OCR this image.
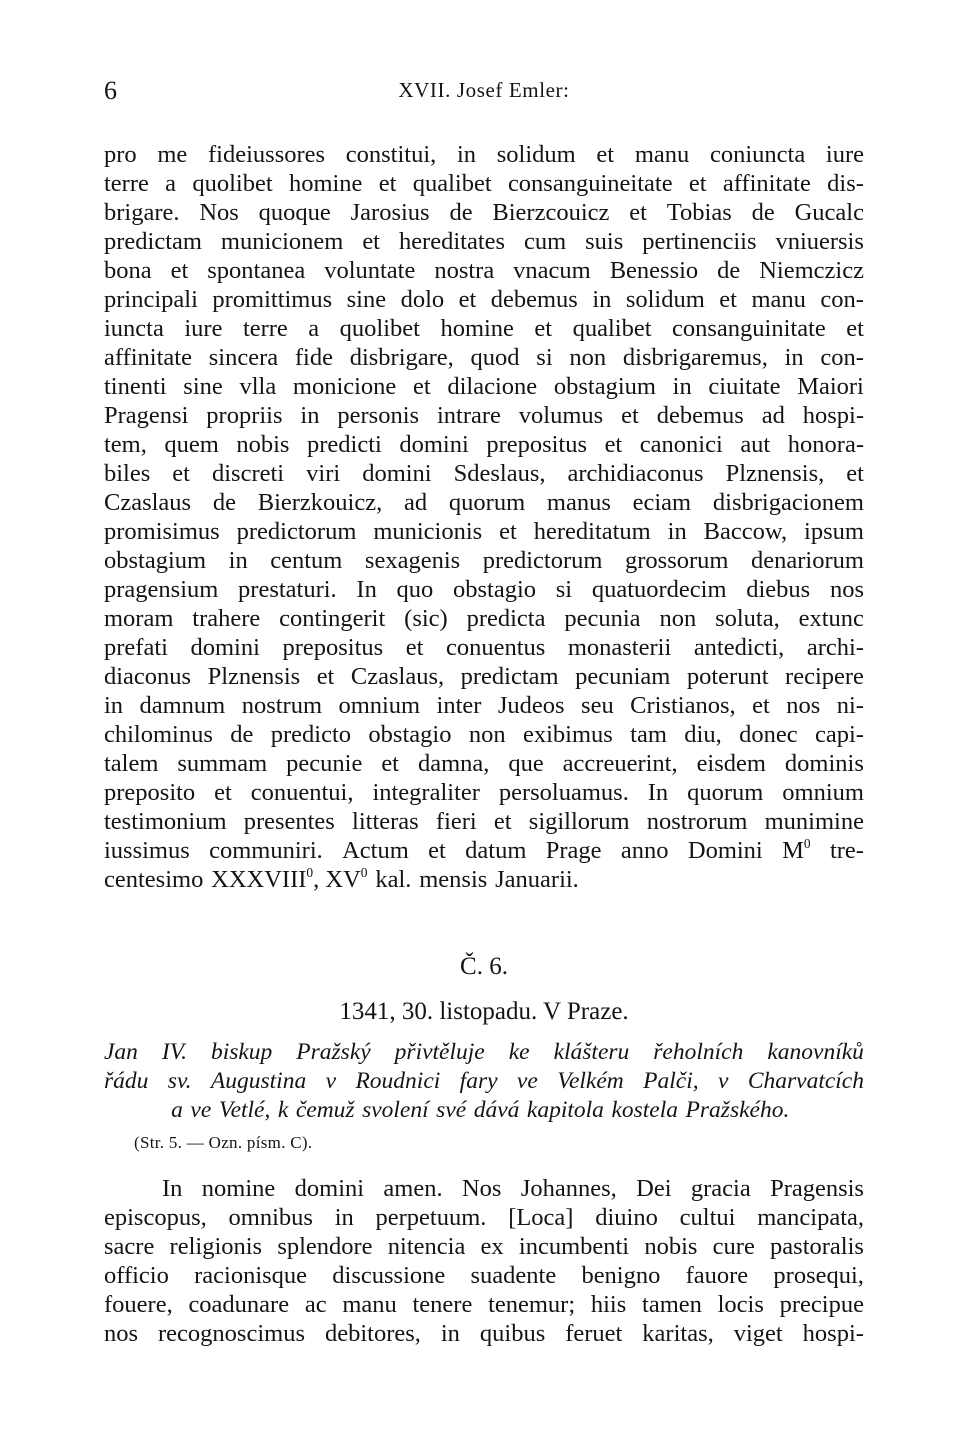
6	XVII. Josef Emler:
pro me fideiussores constitui, in solidum et manu coniuncta iure
terre a quolibet homine et qualibet consanguineitate et affinitate dis-
brigare. Nos quoque Jarosius de Bierzcouicz et Tobias de Gucalc
predictam municionem et hereditates cum suis pertinenciis vniuersis
bona et spontanea voluntate nostra vnacum Benessio de Niemczicz
principali promittimus sine dolo et debemus in solidum et manu con-
iuncta iure terre a quolibet homine et qualibet consanguinitate et
affinitate sincera fide disbrigare, quod si non disbrigaremus, in con-
tinenti sine vlla monicione et dilacione obstagium in ciuitate Maiori
Pragensi propriis in personis intrare volumus et debemus ad hospi-
tem, quem nobis predicti domini prepositus et canonici aut honora-
biles et discreti viri domini Sdeslaus, archidiaconus Plznensis, et
Czaslaus de Bierzkouicz, ad quorum manus eciam disbrigacionem
promisimus predictorum municionis et hereditatum in Baccow, ipsum
obstagium in centum sexagenis predictorum grossorum denariorum
pragensium prestaturi. In quo obstagio si quatuordecim diebus nos
moram trahere contingerit (sic) predicta pecunia non soluta, extunc
prefati domini prepositus et conuentus monasterii antedicti, archi-
diaconus Plznensis et Czaslaus, predictam pecuniam poterunt recipere
in damnum nostrum omnium inter Judeos seu Cristianos, et nos ni-
chilominus de predicto obstagio non exibimus tam diu, donec capi-
talem summam pecunie et damna, que accreuerint, eisdem dominis
preposito et conuentui, integraliter persoluamus. In quorum omnium
testimonium presentes litteras fieri et sigillorum nostrorum munimine
iussimus communiri. Actum et datum Prage anno Domini $M^0$ tre-
centesimo XXXVIII$^0$, $XV^0$ kal. mensis Januarii.
Č. 6.
1341, 30. listopadu. V Praze.
Jan IV. biskup Pražský přivtěluje ke klášteru řeholních kanovníků
řádu sv. Augustina v Roudnici fary ve Velkém Palči, v Charvatcích
a ve Vetlé, k čemuž svolení své dává kapitola kostela Pražského.
(Str. 5. — Ozn. písm. C).
In nomine domini amen. Nos Johannes, Dei gracia Pragensis
episcopus, omnibus in perpetuum. [Loca] diuino cultui mancipata,
sacre religionis splendore nitencia ex incumbenti nobis cure pastoralis
officio racionisque discussione suadente benigno fauore prosequi,
fouere, coadunare ac manu tenere tenemur; hiis tamen locis precipue
nos recognoscimus debitores, in quibus feruet karitas, viget hospi-
